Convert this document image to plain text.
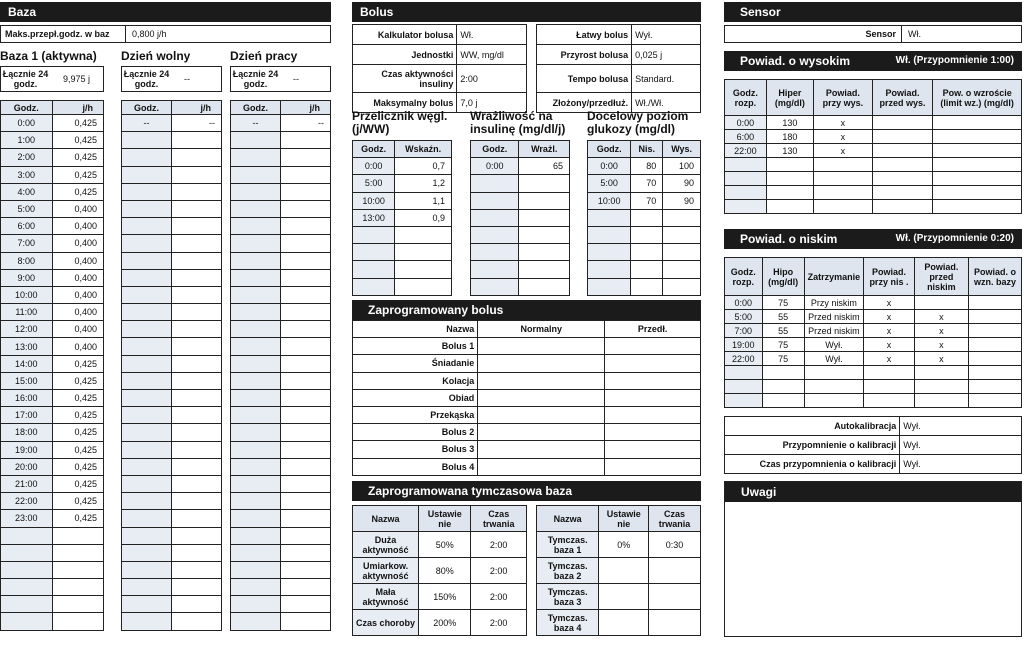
Baza
Maks.przepł.godz. w baz	0,800 j/h
Baza 1 (aktywna)
Łącznie 24 godz.	9,975 j
Godz.	j/h
0:00	0,425
1:00	0,425
2:00	0,425
3:00	0,425
4:00	0,425
5:00	0,400
6:00	0,400
7:00	0,400
8:00	0,400
9:00	0,400
10:00	0,400
11:00	0,400
12:00	0,400
13:00	0,400
14:00	0,425
15:00	0,425
16:00	0,425
17:00	0,425
18:00	0,425
19:00	0,425
20:00	0,425
21:00	0,425
22:00	0,425
23:00	0,425

Dzień wolny
Łącznie 24 godz.	--
Godz.	j/h
--	--

Dzień pracy
Łącznie 24 godz.	--
Godz.	j/h
--	--

Bolus
Kalkulator bolusa	Wł.
Jednostki	WW, mg/dl
Czas aktywności insuliny	2:00
Maksymalny bolus	7,0 j
Łatwy bolus	Wył.
Przyrost bolusa	0,025 j
Tempo bolusa	Standard.
Złożony/przedłuż.	Wł./Wł.
Przelicznik węgl. (j/WW)
Godz.	Wskaźn.
0:00	0,7
5:00	1,2
10:00	1,1
13:00	0,9

Wrażliwość na insulinę (mg/dl/j)
Godz.	Wrażl.
0:00	65

Docelowy poziom glukozy (mg/dl)
Godz.	Nis.	Wys.
0:00	80	100
5:00	70	90
10:00	70	90

Zaprogramowany bolus
Nazwa	Normalny	Przedł.
Bolus 1		
Śniadanie		
Kolacja		
Obiad		
Przekąska		
Bolus 2		
Bolus 3		
Bolus 4		
Zaprogramowana tymczasowa baza
Nazwa	Ustawie nie	Czas trwania
Duża aktywność	50%	2:00
Umiarkow. aktywność	80%	2:00
Mała aktywność	150%	2:00
Czas choroby	200%	2:00
Nazwa	Ustawie nie	Czas trwania
Tymczas. baza 1	0%	0:30
Tymczas. baza 2		
Tymczas. baza 3		
Tymczas. baza 4		
Sensor
Sensor	Wł.
Powiad. o wysokim	Wł. (Przypomnienie 1:00)
Godz. rozp.	Hiper (mg/dl)	Powiad. przy wys.	Powiad. przed wys.	Pow. o wzroście (limit wz.) (mg/dl)
0:00	130	x		
6:00	180	x		
22:00	130	x		

Powiad. o niskim	Wł. (Przypomnienie 0:20)
Godz. rozp.	Hipo (mg/dl)	Zatrzymanie	Powiad. przy nis .	Powiad. przed niskim	Powiad. o wzn. bazy
0:00	75	Przy niskim	x		
5:00	55	Przed niskim	x	x	
7:00	55	Przed niskim	x	x	
19:00	75	Wył.	x	x	
22:00	75	Wył.	x	x	

Autokalibracja	Wył.
Przypomnienie o kalibracji	Wył.
Czas przypomnienia o kalibracji	Wył.
Uwagi
